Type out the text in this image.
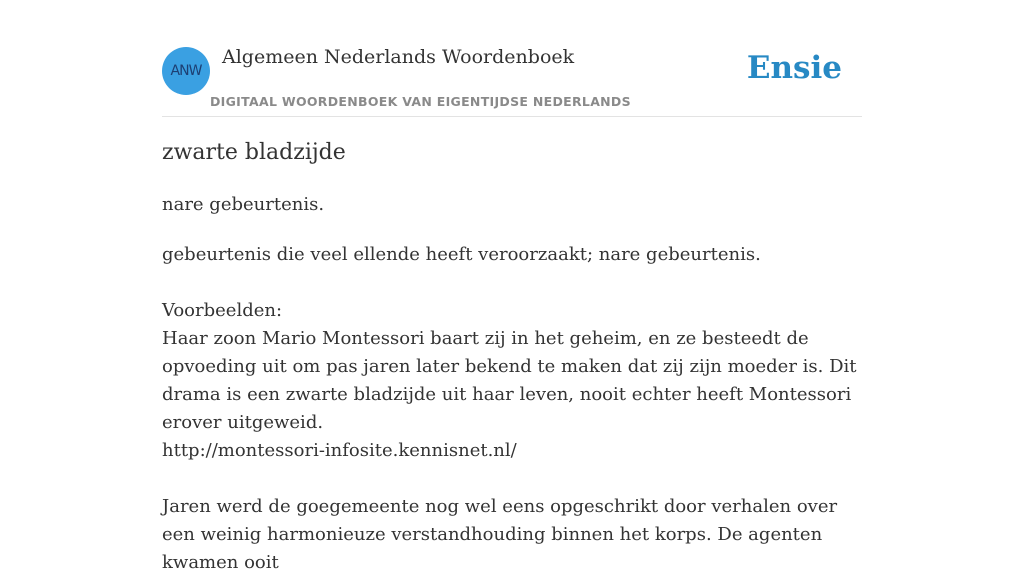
ANW
Algemeen Nederlands Woordenboek
DIGITAAL WOORDENBOEK VAN EIGENTIJDSE NEDERLANDS
Ensie
zwarte bladzijde
nare gebeurtenis.

gebeurtenis die veel ellende heeft veroorzaakt; nare gebeurtenis.

Voorbeelden:

Haar zoon Mario Montessori baart zij in het geheim, en ze besteedt de opvoeding uit om pas jaren later bekend te maken dat zij zijn moeder is. Dit drama is een zwarte bladzijde uit haar leven, nooit echter heeft Montessori erover uitgeweid.

http://montessori-infosite.kennisnet.nl/

Jaren werd de goegemeente nog wel eens opgeschrikt door verhalen over een weinig harmonieuze verstandhouding binnen het korps. De agenten kwamen ooit
